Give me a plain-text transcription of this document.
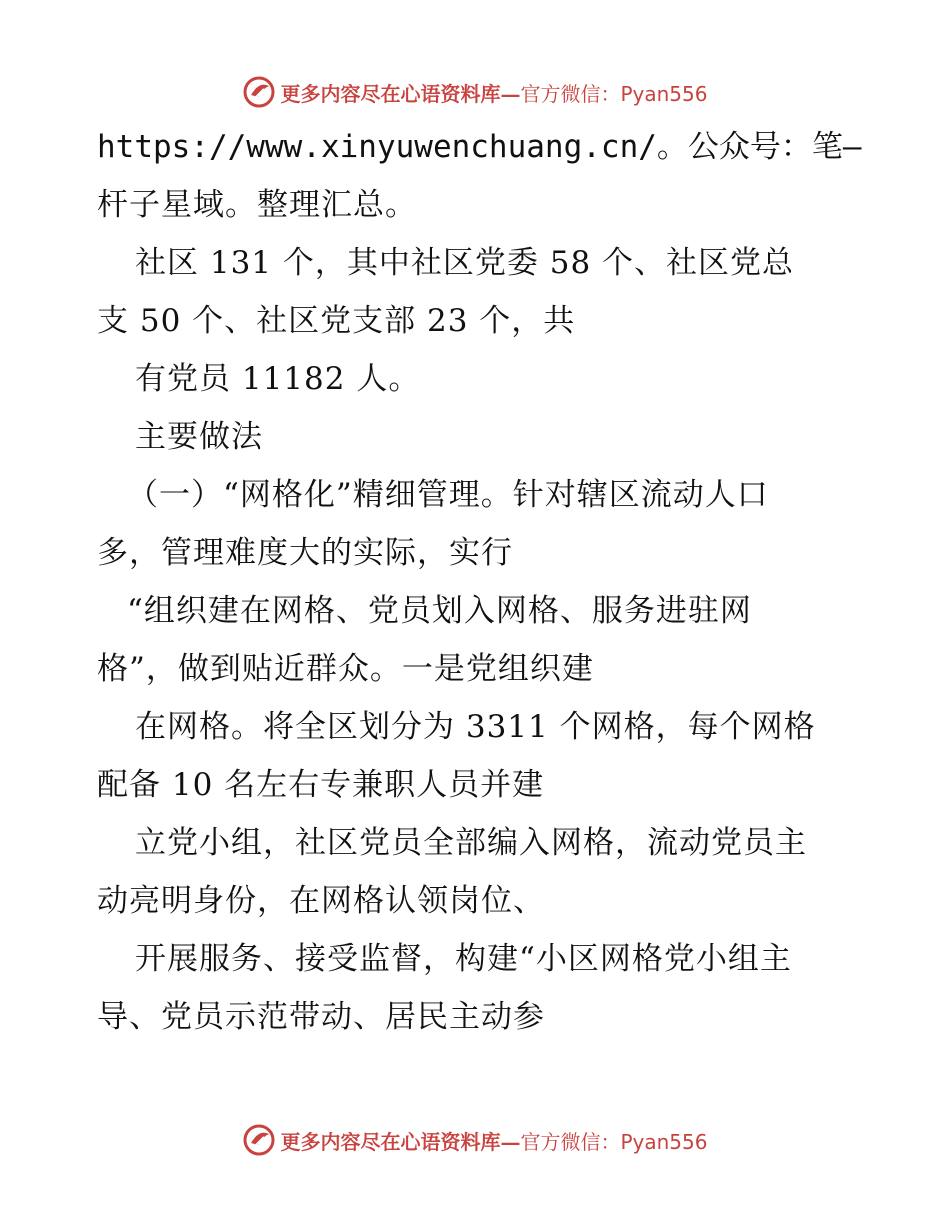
更多内容尽在心语资料库—官方微信：Pyan556
https://www.xinyuwenchuang.cn/。公众号：笔—
杆子星域。整理汇总。
社区 131 个，其中社区党委 58 个、社区党总
支 50 个、社区党支部 23 个，共
有党员 11182 人。
主要做法
（一）“网格化”精细管理。针对辖区流动人口
多，管理难度大的实际，实行
“组织建在网格、党员划入网格、服务进驻网
格”，做到贴近群众。一是党组织建
在网格。将全区划分为 3311 个网格，每个网格
配备 10 名左右专兼职人员并建
立党小组，社区党员全部编入网格，流动党员主
动亮明身份，在网格认领岗位、
开展服务、接受监督，构建“小区网格党小组主
导、党员示范带动、居民主动参
更多内容尽在心语资料库—官方微信：Pyan556
